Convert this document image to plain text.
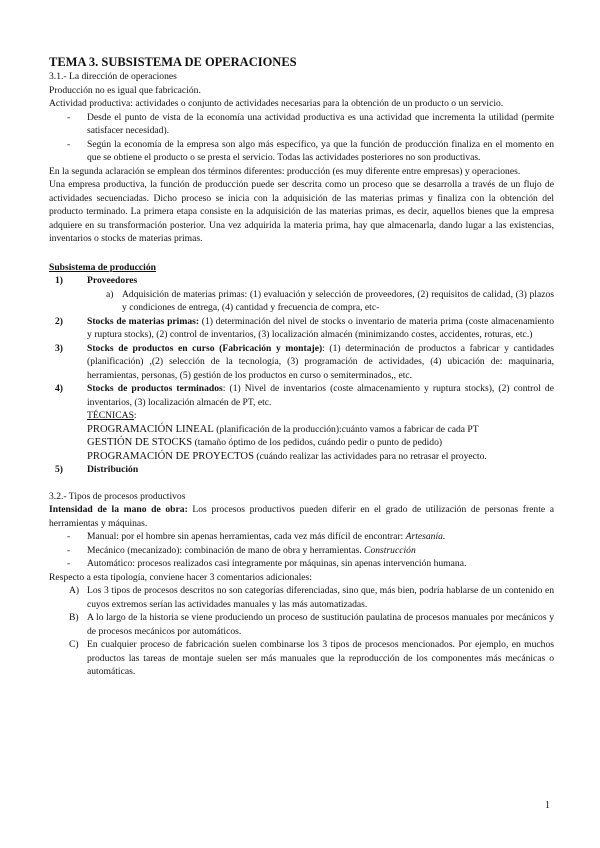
TEMA 3. SUBSISTEMA DE OPERACIONES

3.1.- La dirección de operaciones

Producción no es igual que fabricación.

Actividad productiva: actividades o conjunto de actividades necesarias para la obtención de un producto o un servicio.

- Desde el punto de vista de la economía una actividad productiva es una actividad que incrementa la utilidad (permite satisfacer necesidad).

- Según la economía de la empresa son algo más específico, ya que la función de producción finaliza en el momento en que se obtiene el producto o se presta el servicio. Todas las actividades posteriores no son productivas.

En la segunda aclaración se emplean dos términos diferentes: producción (es muy diferente entre empresas) y operaciones.

Una empresa productiva, la función de producción puede ser descrita como un proceso que se desarrolla a través de un flujo de actividades secuenciadas. Dicho proceso se inicia con la adquisición de las materias primas y finaliza con la obtención del producto terminado. La primera etapa consiste en la adquisición de las materias primas, es decir, aquellos bienes que la empresa adquiere en su transformación posterior. Una vez adquirida la materia prima, hay que almacenarla, dando lugar a las existencias, inventarios o stocks de materias primas.

Subsistema de producción
1)	Proveedores
a) Adquisición de materias primas: (1) evaluación y selección de proveedores, (2) requisitos de calidad, (3) plazos y condiciones de entrega, (4) cantidad y frecuencia de compra, etc-
2)	Stocks de materias primas: (1) determinación del nivel de stocks o inventario de materia prima (coste almacenamiento y ruptura stocks), (2) control de inventarios, (3) localización almacén (minimizando costes, accidentes, roturas, etc.)
3)	Stocks de productos en curso (Fabricación y montaje): (1) determinación de productos a fabricar y cantidades (planificación) ,(2) selección de la tecnología, (3) programación de actividades, (4) ubicación de: maquinaria, herramientas, personas, (5) gestión de los productos en curso o semiterminados,, etc.
4)	Stocks de productos terminados: (1) Nivel de inventarios (coste almacenamiento y ruptura stocks), (2) control de inventarios, (3) localización almacén de PT, etc.
TÉCNICAS:
PROGRAMACIÓN LINEAL (planificación de la producción):cuánto vamos a fabricar de cada PT
GESTIÓN DE STOCKS (tamaño óptimo de los pedidos, cuándo pedir o punto de pedido)
PROGRAMACIÓN DE PROYECTOS (cuándo realizar las actividades para no retrasar el proyecto.
5)	Distribución

3.2.- Tipos de procesos productivos

Intensidad de la mano de obra: Los procesos productivos pueden diferir en el grado de utilización de personas frente a herramientas y máquinas.

- Manual: por el hombre sin apenas herramientas, cada vez más difícil de encontrar: Artesanía.

- Mecánico (mecanizado): combinación de mano de obra y herramientas. Construcción

- Automático: procesos realizados casi íntegramente por máquinas, sin apenas intervención humana.

Respecto a esta tipología, conviene hacer 3 comentarios adicionales:

A) Los 3 tipos de procesos descritos no son categorías diferenciadas, sino que, más bien, podría hablarse de un contenido en cuyos extremos serían las actividades manuales y las más automatizadas.
B) A lo largo de la historia se viene produciendo un proceso de sustitución paulatina de procesos manuales por mecánicos y de procesos mecánicos por automáticos.
C) En cualquier proceso de fabricación suelen combinarse los 3 tipos de procesos mencionados. Por ejemplo, en muchos productos las tareas de montaje suelen ser más manuales que la reproducción de los componentes más mecánicas o automáticas.
1
